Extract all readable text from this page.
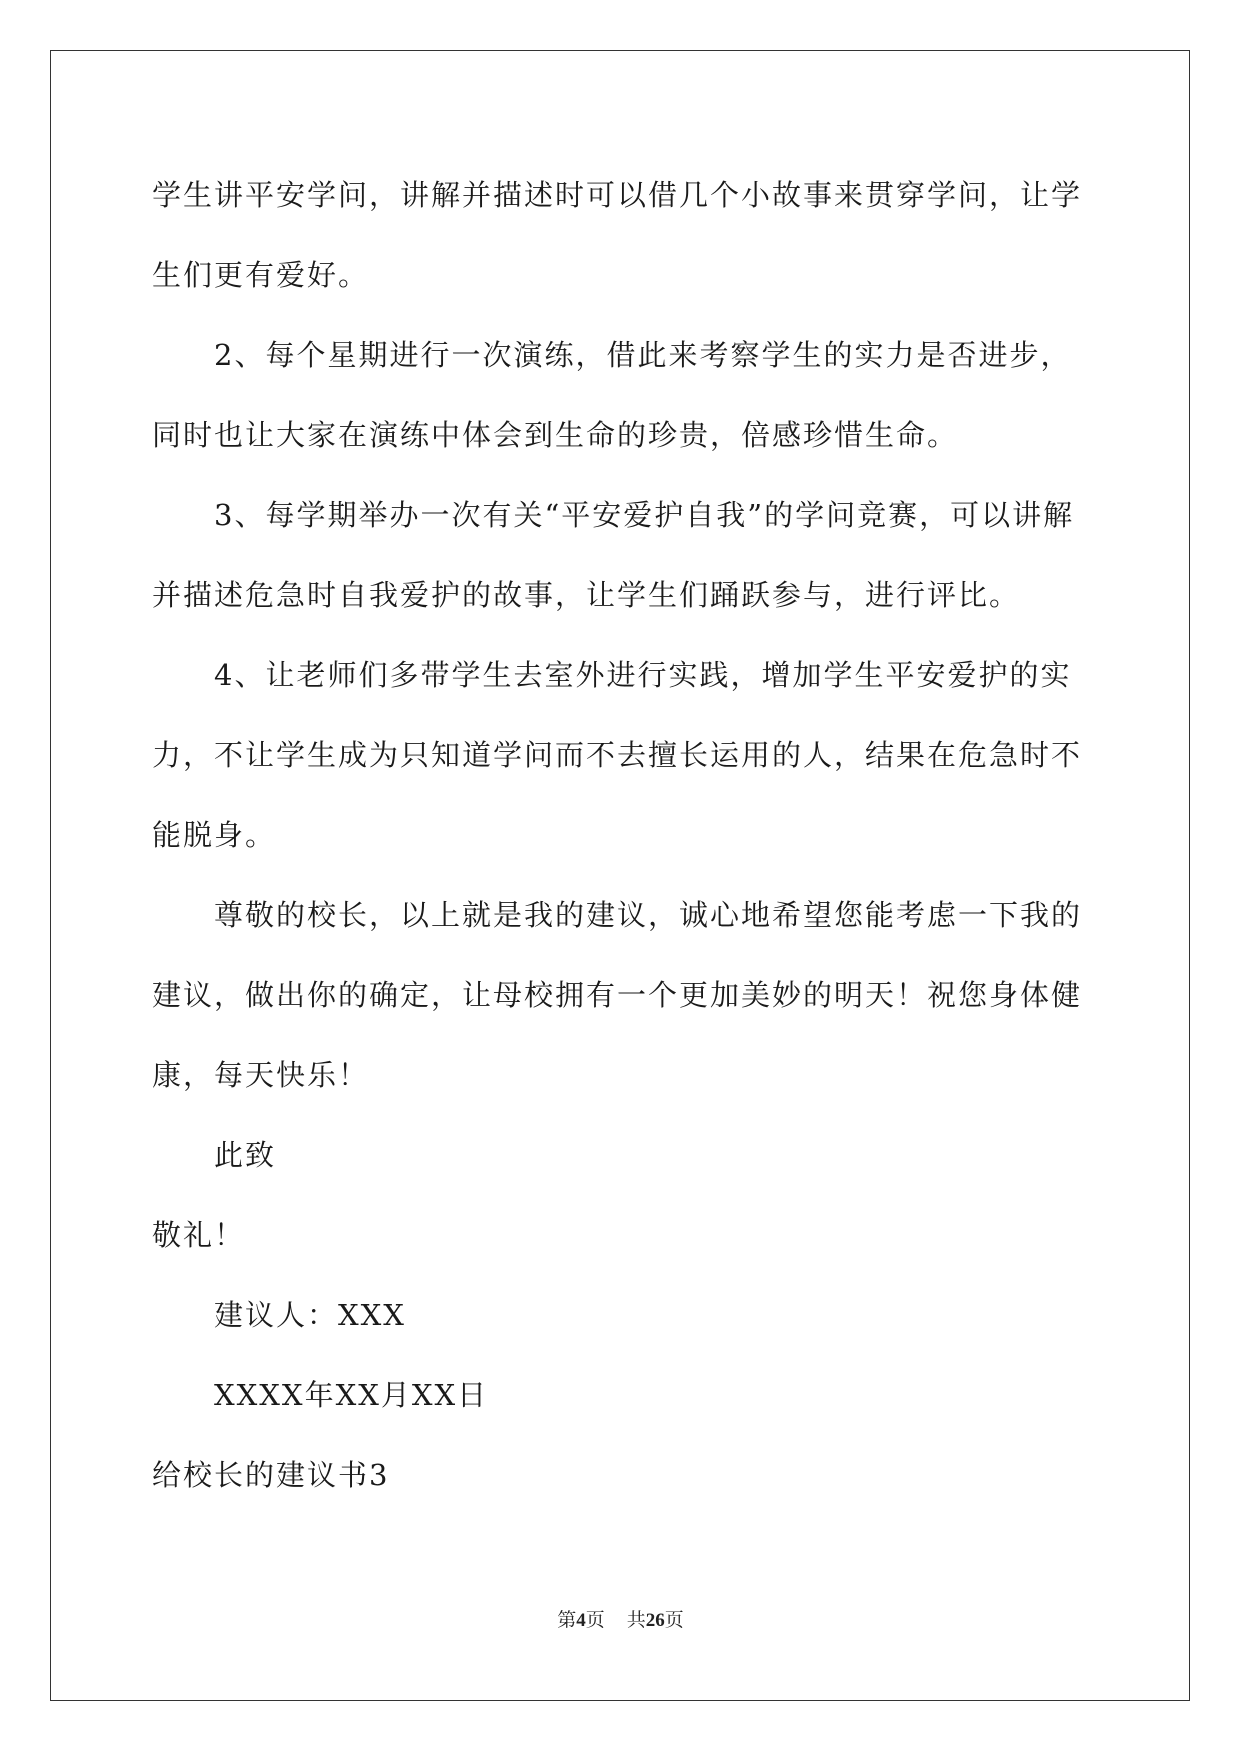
学生讲平安学问，讲解并描述时可以借几个小故事来贯穿学问，让学生们更有爱好。

2、每个星期进行一次演练，借此来考察学生的实力是否进步，同时也让大家在演练中体会到生命的珍贵，倍感珍惜生命。

3、每学期举办一次有关“平安爱护自我”的学问竞赛，可以讲解并描述危急时自我爱护的故事，让学生们踊跃参与，进行评比。

4、让老师们多带学生去室外进行实践，增加学生平安爱护的实力，不让学生成为只知道学问而不去擅长运用的人，结果在危急时不能脱身。

尊敬的校长，以上就是我的建议，诚心地希望您能考虑一下我的建议，做出你的确定，让母校拥有一个更加美妙的明天！祝您身体健康，每天快乐！

此致

敬礼！

建议人：XXX

XXXX年XX月XX日

给校长的建议书3

第4页 共26页
